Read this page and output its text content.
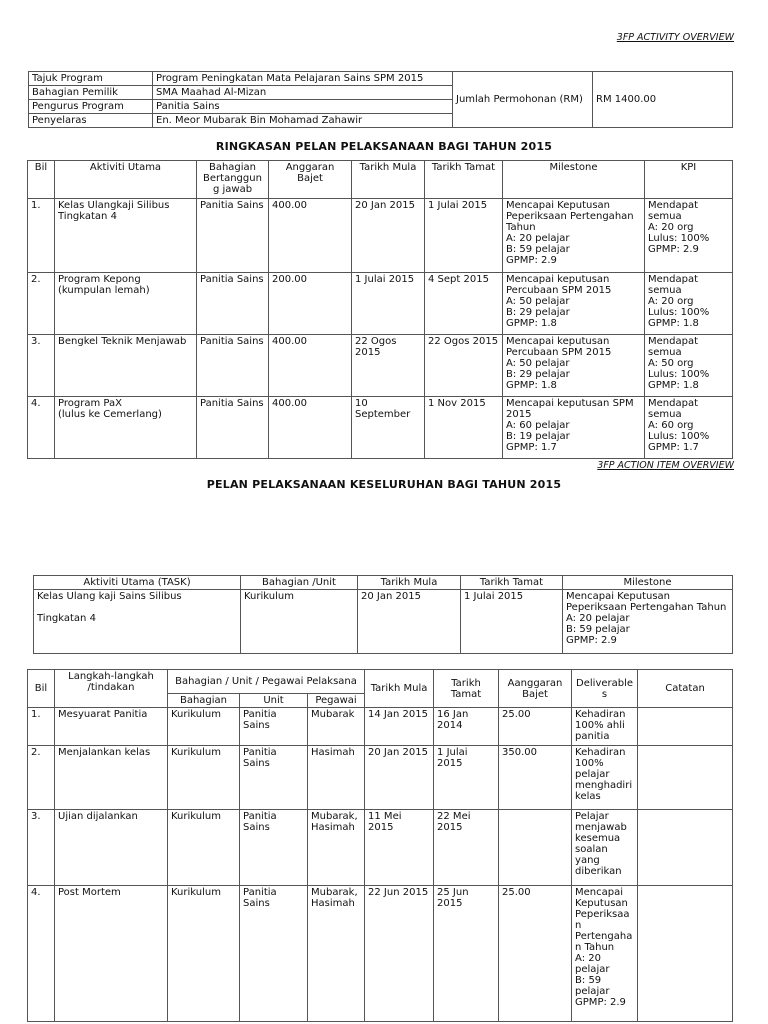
3FP ACTIVITY OVERVIEW
Tajuk Program	Program Peningkatan Mata Pelajaran Sains SPM 2015	Jumlah Permohonan (RM)	RM 1400.00
Bahagian Pemilik	SMA Maahad Al-Mizan		
Pengurus Program	Panitia Sains		
Penyelaras	En. Meor Mubarak Bin Mohamad Zahawir		
RINGKASAN PELAN PELAKSANAAN BAGI TAHUN 2015
Bil	Aktiviti Utama	Bahagian Bertanggun g jawab	Anggaran Bajet	Tarikh Mula	Tarikh Tamat	Milestone	KPI
1.	Kelas Ulangkaji Silibus Tingkatan 4	Panitia Sains	400.00	20 Jan 2015	1 Julai 2015	Mencapai Keputusan Peperiksaan Pertengahan Tahun
A: 20 pelajar
B: 59 pelajar
GPMP: 2.9	Mendapat semua
A: 20 org
Lulus: 100%
GPMP: 2.9
2.	Program Kepong
(kumpulan lemah)	Panitia Sains	200.00	1 Julai 2015	4 Sept 2015	Mencapai keputusan Percubaan SPM 2015
A: 50 pelajar
B: 29 pelajar
GPMP: 1.8	Mendapat semua
A: 20 org
Lulus: 100%
GPMP: 1.8
3.	Bengkel Teknik Menjawab	Panitia Sains	400.00	22 Ogos 2015	22 Ogos 2015	Mencapai keputusan Percubaan SPM 2015
A: 50 pelajar
B: 29 pelajar
GPMP: 1.8	Mendapat semua
A: 50 org
Lulus: 100%
GPMP: 1.8
4.	Program PaX
(lulus ke Cemerlang)	Panitia Sains	400.00	10 September	1 Nov 2015	Mencapai keputusan SPM 2015
A: 60 pelajar
B: 19 pelajar
GPMP: 1.7	Mendapat semua
A: 60 org
Lulus: 100%
GPMP: 1.7
3FP ACTION ITEM OVERVIEW
PELAN PELAKSANAAN KESELURUHAN BAGI TAHUN 2015
Aktiviti Utama (TASK)	Bahagian /Unit	Tarikh Mula	Tarikh Tamat	Milestone
Kelas Ulang kaji Sains Silibus

Tingkatan 4	Kurikulum	20 Jan 2015	1 Julai 2015	Mencapai Keputusan Peperiksaan Pertengahan Tahun
A: 20 pelajar
B: 59 pelajar
GPMP: 2.9
Bil	Langkah-langkah /tindakan	Bahagian / Unit / Pegawai Pelaksana			Tarikh Mula	Tarikh Tamat	Aanggaran Bajet	Deliverable s	Catatan
		Bahagian	Unit	Pegawai					
1.	Mesyuarat Panitia	Kurikulum	Panitia Sains	Mubarak	14 Jan 2015	16 Jan 2014	25.00	Kehadiran 100% ahli panitia	
2.	Menjalankan kelas	Kurikulum	Panitia Sains	Hasimah	20 Jan 2015	1 Julai 2015	350.00	Kehadiran 100% pelajar menghadiri kelas	
3.	Ujian dijalankan	Kurikulum	Panitia Sains	Mubarak, Hasimah	11 Mei 2015	22 Mei 2015		Pelajar menjawab kesemua soalan yang diberikan	
4.	Post Mortem	Kurikulum	Panitia Sains	Mubarak, Hasimah	22 Jun 2015	25 Jun 2015	25.00	Mencapai Keputusan Peperiksaa n Pertengaha n Tahun
A: 20 pelajar
B: 59 pelajar
GPMP: 2.9	
